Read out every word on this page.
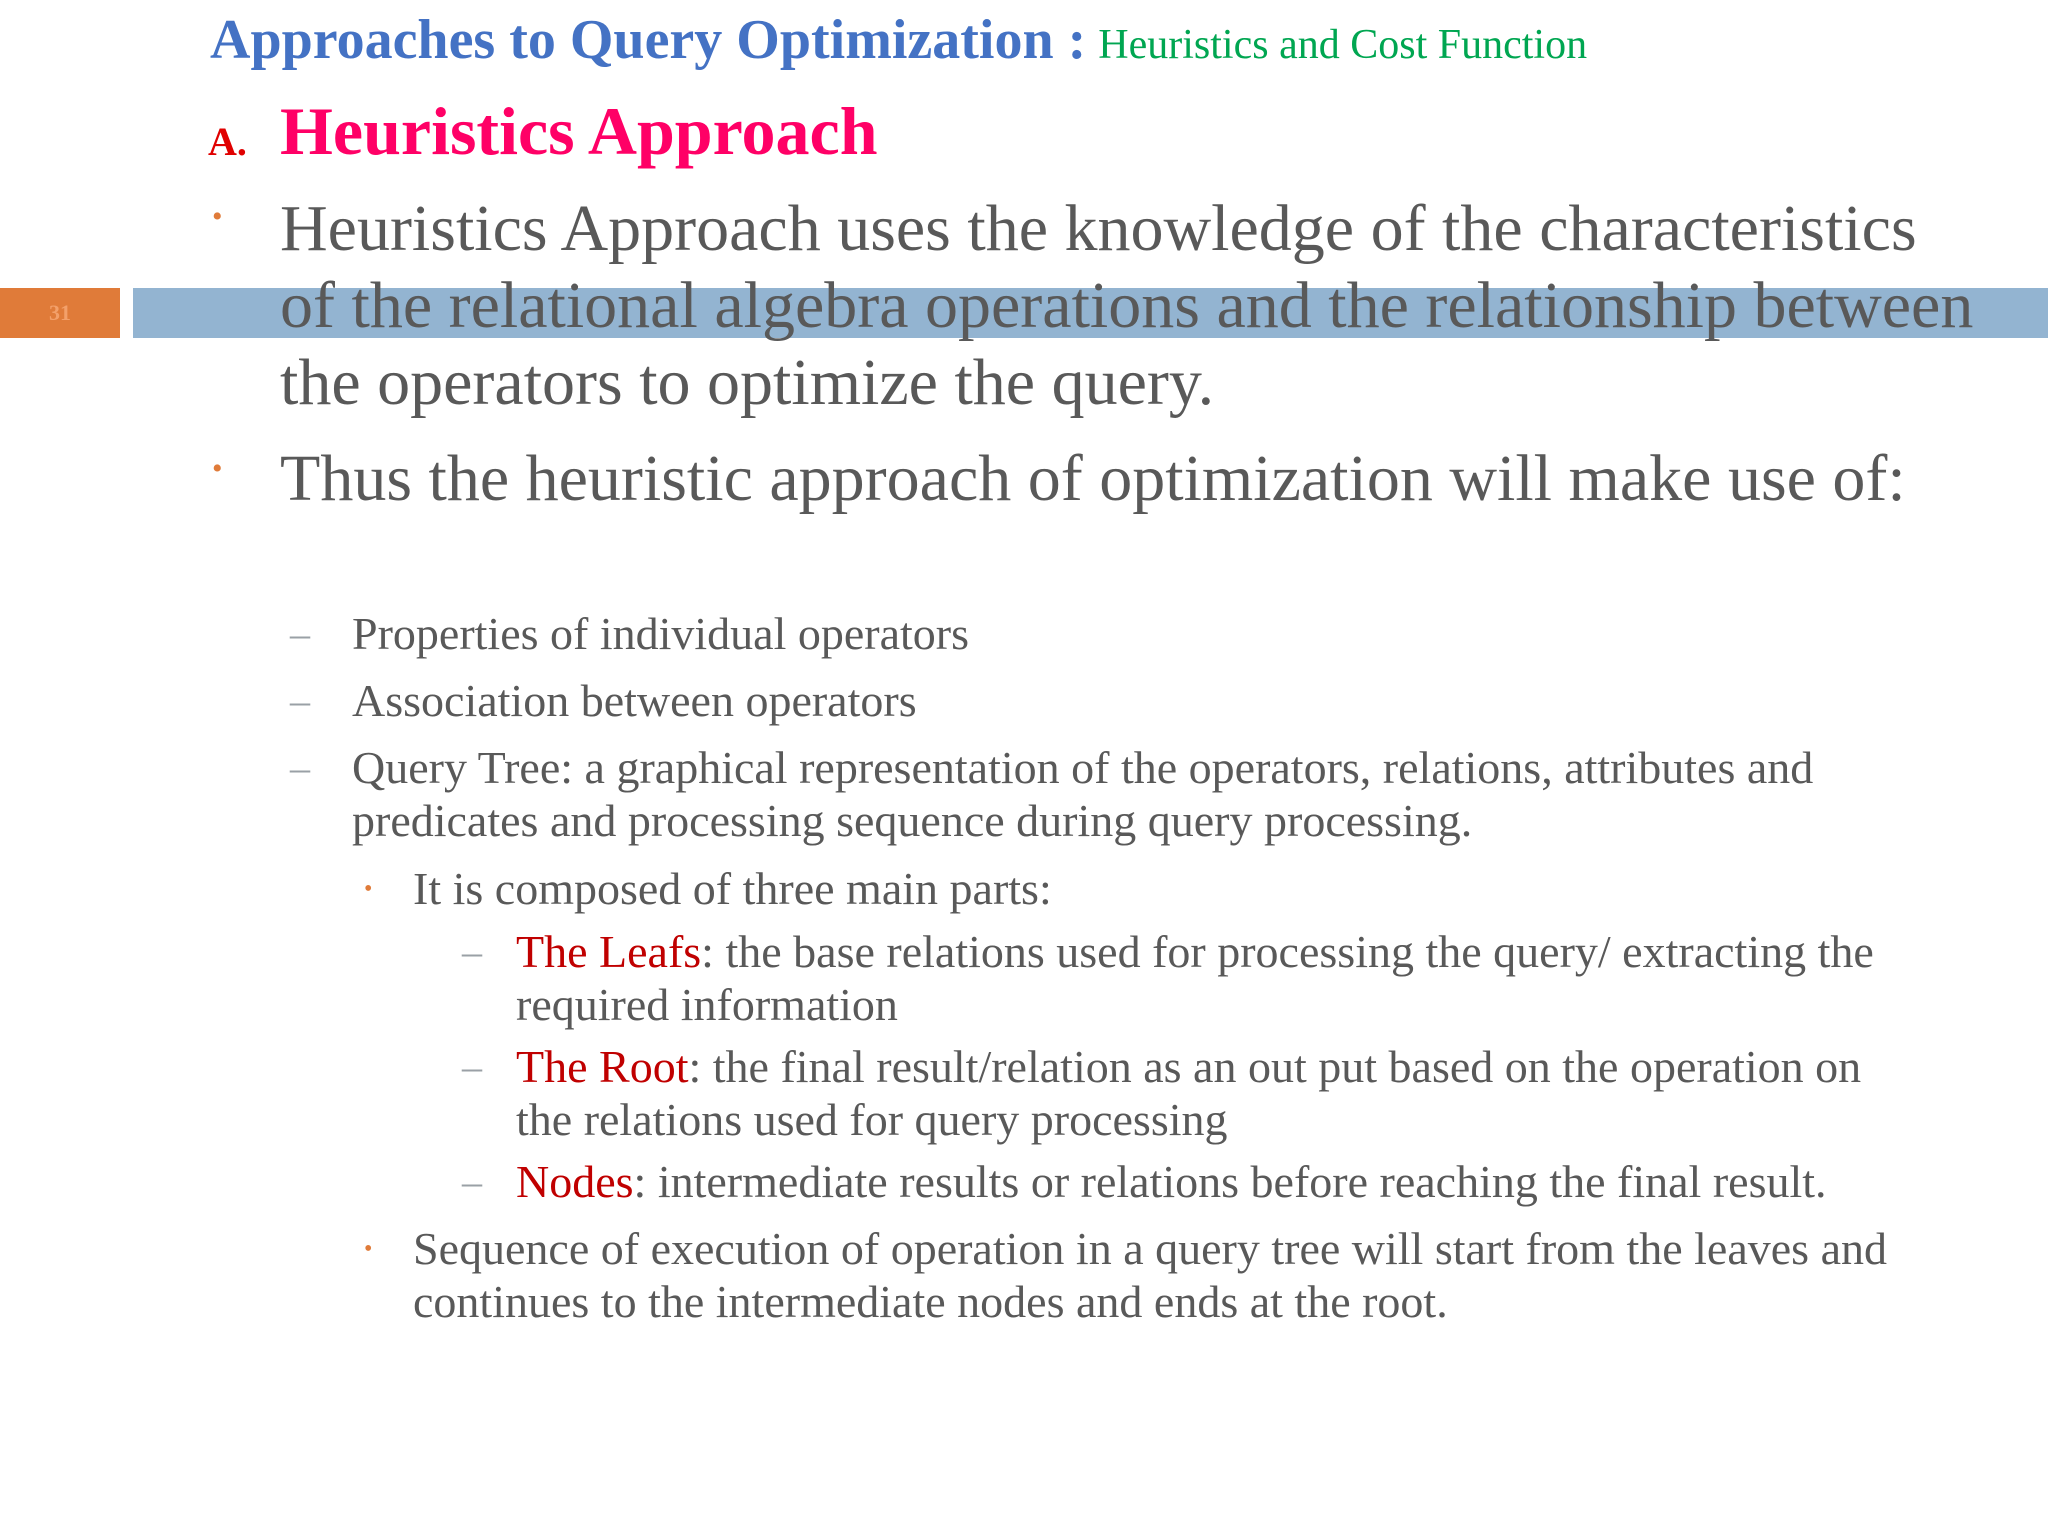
31
Approaches to Query Optimization : Heuristics and Cost Function
A. Heuristics Approach
• Heuristics Approach uses the knowledge of the characteristics of the relational algebra operations and the relationship between the operators to optimize the query.
• Thus the heuristic approach of optimization will make use of:
– Properties of individual operators
– Association between operators
– Query Tree: a graphical representation of the operators, relations, attributes and predicates and processing sequence during query processing.
• It is composed of three main parts:
– The Leafs: the base relations used for processing the query/ extracting the required information
– The Root: the final result/relation as an out put based on the operation on the relations used for query processing
– Nodes: intermediate results or relations before reaching the final result.
• Sequence of execution of operation in a query tree will start from the leaves and continues to the intermediate nodes and ends at the root.
